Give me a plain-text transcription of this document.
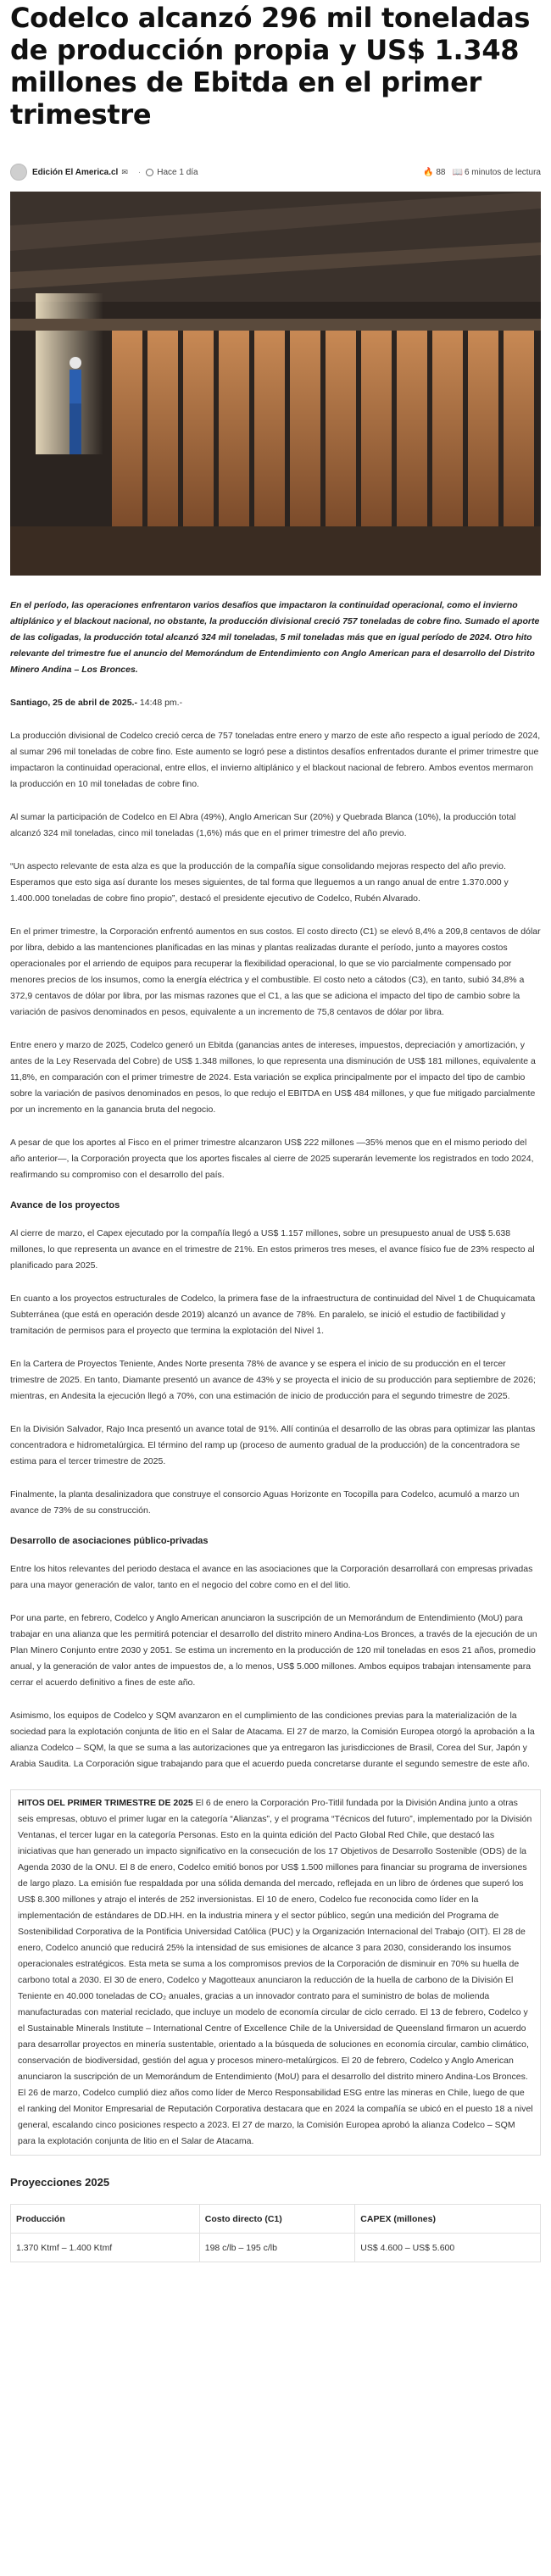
Codelco alcanzó 296 mil toneladas de producción propia y US$ 1.348 millones de Ebitda en el primer trimestre
Edición El America.cl ✉ · Hace 1 día	🔥 88 📖 6 minutos de lectura

En el período, las operaciones enfrentaron varios desafíos que impactaron la continuidad operacional, como el invierno altiplánico y el blackout nacional, no obstante, la producción divisional creció 757 toneladas de cobre fino. Sumado el aporte de las coligadas, la producción total alcanzó 324 mil toneladas, 5 mil toneladas más que en igual período de 2024. Otro hito relevante del trimestre fue el anuncio del Memorándum de Entendimiento con Anglo American para el desarrollo del Distrito Minero Andina – Los Bronces.

Santiago, 25 de abril de 2025.- 14:48 pm.-

La producción divisional de Codelco creció cerca de 757 toneladas entre enero y marzo de este año respecto a igual período de 2024, al sumar 296 mil toneladas de cobre fino. Este aumento se logró pese a distintos desafíos enfrentados durante el primer trimestre que impactaron la continuidad operacional, entre ellos, el invierno altiplánico y el blackout nacional de febrero. Ambos eventos mermaron la producción en 10 mil toneladas de cobre fino.

Al sumar la participación de Codelco en El Abra (49%), Anglo American Sur (20%) y Quebrada Blanca (10%), la producción total alcanzó 324 mil toneladas, cinco mil toneladas (1,6%) más que en el primer trimestre del año previo.

“Un aspecto relevante de esta alza es que la producción de la compañía sigue consolidando mejoras respecto del año previo. Esperamos que esto siga así durante los meses siguientes, de tal forma que lleguemos a un rango anual de entre 1.370.000 y 1.400.000 toneladas de cobre fino propio”, destacó el presidente ejecutivo de Codelco, Rubén Alvarado.

En el primer trimestre, la Corporación enfrentó aumentos en sus costos. El costo directo (C1) se elevó 8,4% a 209,8 centavos de dólar por libra, debido a las mantenciones planificadas en las minas y plantas realizadas durante el período, junto a mayores costos operacionales por el arriendo de equipos para recuperar la flexibilidad operacional, lo que se vio parcialmente compensado por menores precios de los insumos, como la energía eléctrica y el combustible. El costo neto a cátodos (C3), en tanto, subió 34,8% a 372,9 centavos de dólar por libra, por las mismas razones que el C1, a las que se adiciona el impacto del tipo de cambio sobre la variación de pasivos denominados en pesos, equivalente a un incremento de 75,8 centavos de dólar por libra.

Entre enero y marzo de 2025, Codelco generó un Ebitda (ganancias antes de intereses, impuestos, depreciación y amortización, y antes de la Ley Reservada del Cobre) de US$ 1.348 millones, lo que representa una disminución de US$ 181 millones, equivalente a 11,8%, en comparación con el primer trimestre de 2024. Esta variación se explica principalmente por el impacto del tipo de cambio sobre la variación de pasivos denominados en pesos, lo que redujo el EBITDA en US$ 484 millones, y que fue mitigado parcialmente por un incremento en la ganancia bruta del negocio.

A pesar de que los aportes al Fisco en el primer trimestre alcanzaron US$ 222 millones —35% menos que en el mismo periodo del año anterior—, la Corporación proyecta que los aportes fiscales al cierre de 2025 superarán levemente los registrados en todo 2024, reafirmando su compromiso con el desarrollo del país.

Avance de los proyectos

Al cierre de marzo, el Capex ejecutado por la compañía llegó a US$ 1.157 millones, sobre un presupuesto anual de US$ 5.638 millones, lo que representa un avance en el trimestre de 21%. En estos primeros tres meses, el avance físico fue de 23% respecto al planificado para 2025.

En cuanto a los proyectos estructurales de Codelco, la primera fase de la infraestructura de continuidad del Nivel 1 de Chuquicamata Subterránea (que está en operación desde 2019) alcanzó un avance de 78%. En paralelo, se inició el estudio de factibilidad y tramitación de permisos para el proyecto que termina la explotación del Nivel 1.

En la Cartera de Proyectos Teniente, Andes Norte presenta 78% de avance y se espera el inicio de su producción en el tercer trimestre de 2025. En tanto, Diamante presentó un avance de 43% y se proyecta el inicio de su producción para septiembre de 2026; mientras, en Andesita la ejecución llegó a 70%, con una estimación de inicio de producción para el segundo trimestre de 2025.

En la División Salvador, Rajo Inca presentó un avance total de 91%. Allí continúa el desarrollo de las obras para optimizar las plantas concentradora e hidrometalúrgica. El término del ramp up (proceso de aumento gradual de la producción) de la concentradora se estima para el tercer trimestre de 2025.

Finalmente, la planta desalinizadora que construye el consorcio Aguas Horizonte en Tocopilla para Codelco, acumuló a marzo un avance de 73% de su construcción.

Desarrollo de asociaciones público-privadas

Entre los hitos relevantes del periodo destaca el avance en las asociaciones que la Corporación desarrollará con empresas privadas para una mayor generación de valor, tanto en el negocio del cobre como en el del litio.

Por una parte, en febrero, Codelco y Anglo American anunciaron la suscripción de un Memorándum de Entendimiento (MoU) para trabajar en una alianza que les permitirá potenciar el desarrollo del distrito minero Andina-Los Bronces, a través de la ejecución de un Plan Minero Conjunto entre 2030 y 2051. Se estima un incremento en la producción de 120 mil toneladas en esos 21 años, promedio anual, y la generación de valor antes de impuestos de, a lo menos, US$ 5.000 millones. Ambos equipos trabajan intensamente para cerrar el acuerdo definitivo a fines de este año.

Asimismo, los equipos de Codelco y SQM avanzaron en el cumplimiento de las condiciones previas para la materialización de la sociedad para la explotación conjunta de litio en el Salar de Atacama. El 27 de marzo, la Comisión Europea otorgó la aprobación a la alianza Codelco – SQM, la que se suma a las autorizaciones que ya entregaron las jurisdicciones de Brasil, Corea del Sur, Japón y Arabia Saudita. La Corporación sigue trabajando para que el acuerdo pueda concretarse durante el segundo semestre de este año.

HITOS DEL PRIMER TRIMESTRE DE 2025 El 6 de enero la Corporación Pro-Titlil fundada por la División Andina junto a otras seis empresas, obtuvo el primer lugar en la categoría “Alianzas”, y el programa “Técnicos del futuro”, implementado por la División Ventanas, el tercer lugar en la categoría Personas. Esto en la quinta edición del Pacto Global Red Chile, que destacó las iniciativas que han generado un impacto significativo en la consecución de los 17 Objetivos de Desarrollo Sostenible (ODS) de la Agenda 2030 de la ONU. El 8 de enero, Codelco emitió bonos por US$ 1.500 millones para financiar su programa de inversiones de largo plazo. La emisión fue respaldada por una sólida demanda del mercado, reflejada en un libro de órdenes que superó los US$ 8.300 millones y atrajo el interés de 252 inversionistas. El 10 de enero, Codelco fue reconocida como líder en la implementación de estándares de DD.HH. en la industria minera y el sector público, según una medición del Programa de Sostenibilidad Corporativa de la Pontificia Universidad Católica (PUC) y la Organización Internacional del Trabajo (OIT). El 28 de enero, Codelco anunció que reducirá 25% la intensidad de sus emisiones de alcance 3 para 2030, considerando los insumos operacionales estratégicos. Esta meta se suma a los compromisos previos de la Corporación de disminuir en 70% su huella de carbono total a 2030. El 30 de enero, Codelco y Magotteaux anunciaron la reducción de la huella de carbono de la División El Teniente en 40.000 toneladas de CO₂ anuales, gracias a un innovador contrato para el suministro de bolas de molienda manufacturadas con material reciclado, que incluye un modelo de economía circular de ciclo cerrado. El 13 de febrero, Codelco y el Sustainable Minerals Institute – International Centre of Excellence Chile de la Universidad de Queensland firmaron un acuerdo para desarrollar proyectos en minería sustentable, orientado a la búsqueda de soluciones en economía circular, cambio climático, conservación de biodiversidad, gestión del agua y procesos minero-metalúrgicos. El 20 de febrero, Codelco y Anglo American anunciaron la suscripción de un Memorándum de Entendimiento (MoU) para el desarrollo del distrito minero Andina-Los Bronces. El 26 de marzo, Codelco cumplió diez años como líder de Merco Responsabilidad ESG entre las mineras en Chile, luego de que el ranking del Monitor Empresarial de Reputación Corporativa destacara que en 2024 la compañía se ubicó en el puesto 18 a nivel general, escalando cinco posiciones respecto a 2023. El 27 de marzo, la Comisión Europea aprobó la alianza Codelco – SQM para la explotación conjunta de litio en el Salar de Atacama.
Proyecciones 2025
Producción	Costo directo (C1)	CAPEX (millones)
1.370 Ktmf – 1.400 Ktmf	198 c/lb – 195 c/lb	US$ 4.600 – US$ 5.600
